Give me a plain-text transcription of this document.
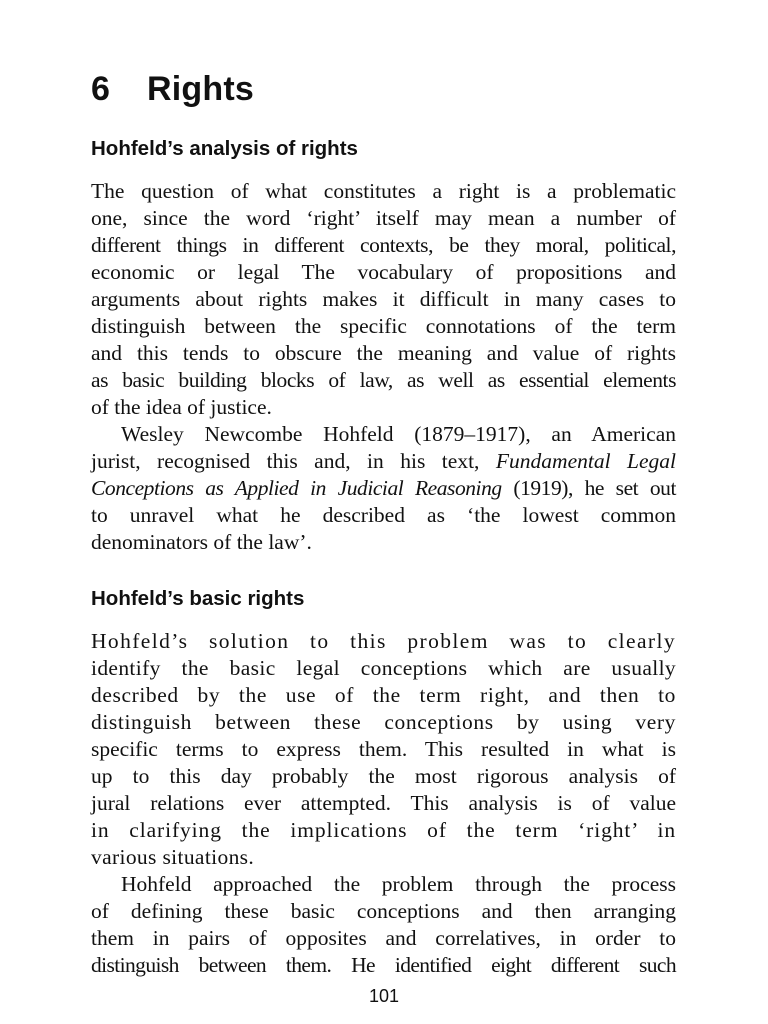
6 Rights
Hohfeld’s analysis of rights
The question of what constitutes a right is a problematic
one, since the word ‘right’ itself may mean a number of
different things in different contexts, be they moral, political,
economic or legal The vocabulary of propositions and
arguments about rights makes it difficult in many cases to
distinguish between the specific connotations of the term
and this tends to obscure the meaning and value of rights
as basic building blocks of law, as well as essential elements
of the idea of justice.
Wesley Newcombe Hohfeld (1879–1917), an American
jurist, recognised this and, in his text, Fundamental Legal
Conceptions as Applied in Judicial Reasoning (1919), he set out
to unravel what he described as ‘the lowest common
denominators of the law’.
Hohfeld’s basic rights
Hohfeld’s solution to this problem was to clearly
identify the basic legal conceptions which are usually
described by the use of the term right, and then to
distinguish between these conceptions by using very
specific terms to express them. This resulted in what is
up to this day probably the most rigorous analysis of
jural relations ever attempted. This analysis is of value
in clarifying the implications of the term ‘right’ in
various situations.
Hohfeld approached the problem through the process
of defining these basic conceptions and then arranging
them in pairs of opposites and correlatives, in order to
distinguish between them. He identified eight different such

101
